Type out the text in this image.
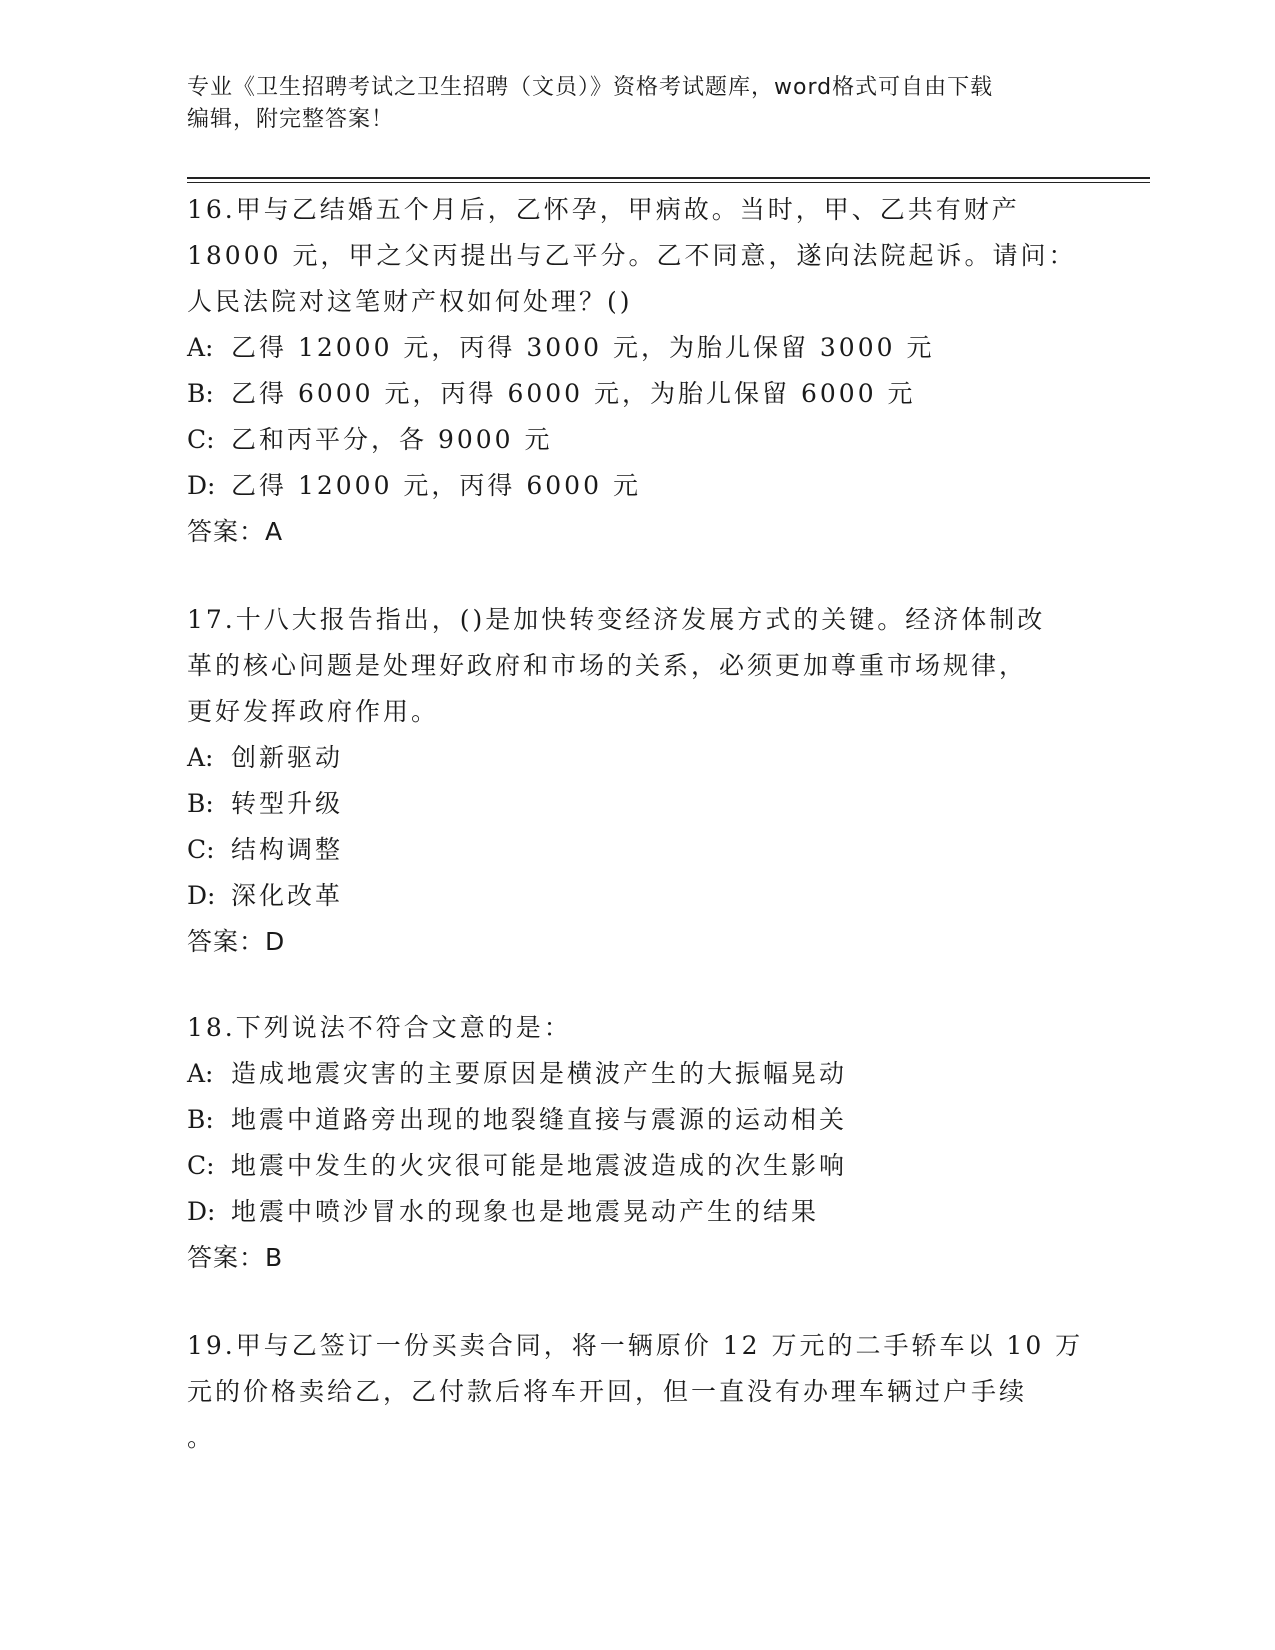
专业《卫生招聘考试之卫生招聘（文员）》资格考试题库，word格式可自由下载
编辑，附完整答案！
16.甲与乙结婚五个月后，乙怀孕，甲病故。当时，甲、乙共有财产
18000 元，甲之父丙提出与乙平分。乙不同意，遂向法院起诉。请问：
人民法院对这笔财产权如何处理？()
A: 乙得 12000 元，丙得 3000 元，为胎儿保留 3000 元
B: 乙得 6000 元，丙得 6000 元，为胎儿保留 6000 元
C: 乙和丙平分，各 9000 元
D: 乙得 12000 元，丙得 6000 元
答案：A
17.十八大报告指出，()是加快转变经济发展方式的关键。经济体制改
革的核心问题是处理好政府和市场的关系，必须更加尊重市场规律，
更好发挥政府作用。
A: 创新驱动
B: 转型升级
C: 结构调整
D: 深化改革
答案：D
18.下列说法不符合文意的是：
A: 造成地震灾害的主要原因是横波产生的大振幅晃动
B: 地震中道路旁出现的地裂缝直接与震源的运动相关
C: 地震中发生的火灾很可能是地震波造成的次生影响
D: 地震中喷沙冒水的现象也是地震晃动产生的结果
答案：B
19.甲与乙签订一份买卖合同，将一辆原价 12 万元的二手轿车以 10 万
元的价格卖给乙，乙付款后将车开回，但一直没有办理车辆过户手续
。
